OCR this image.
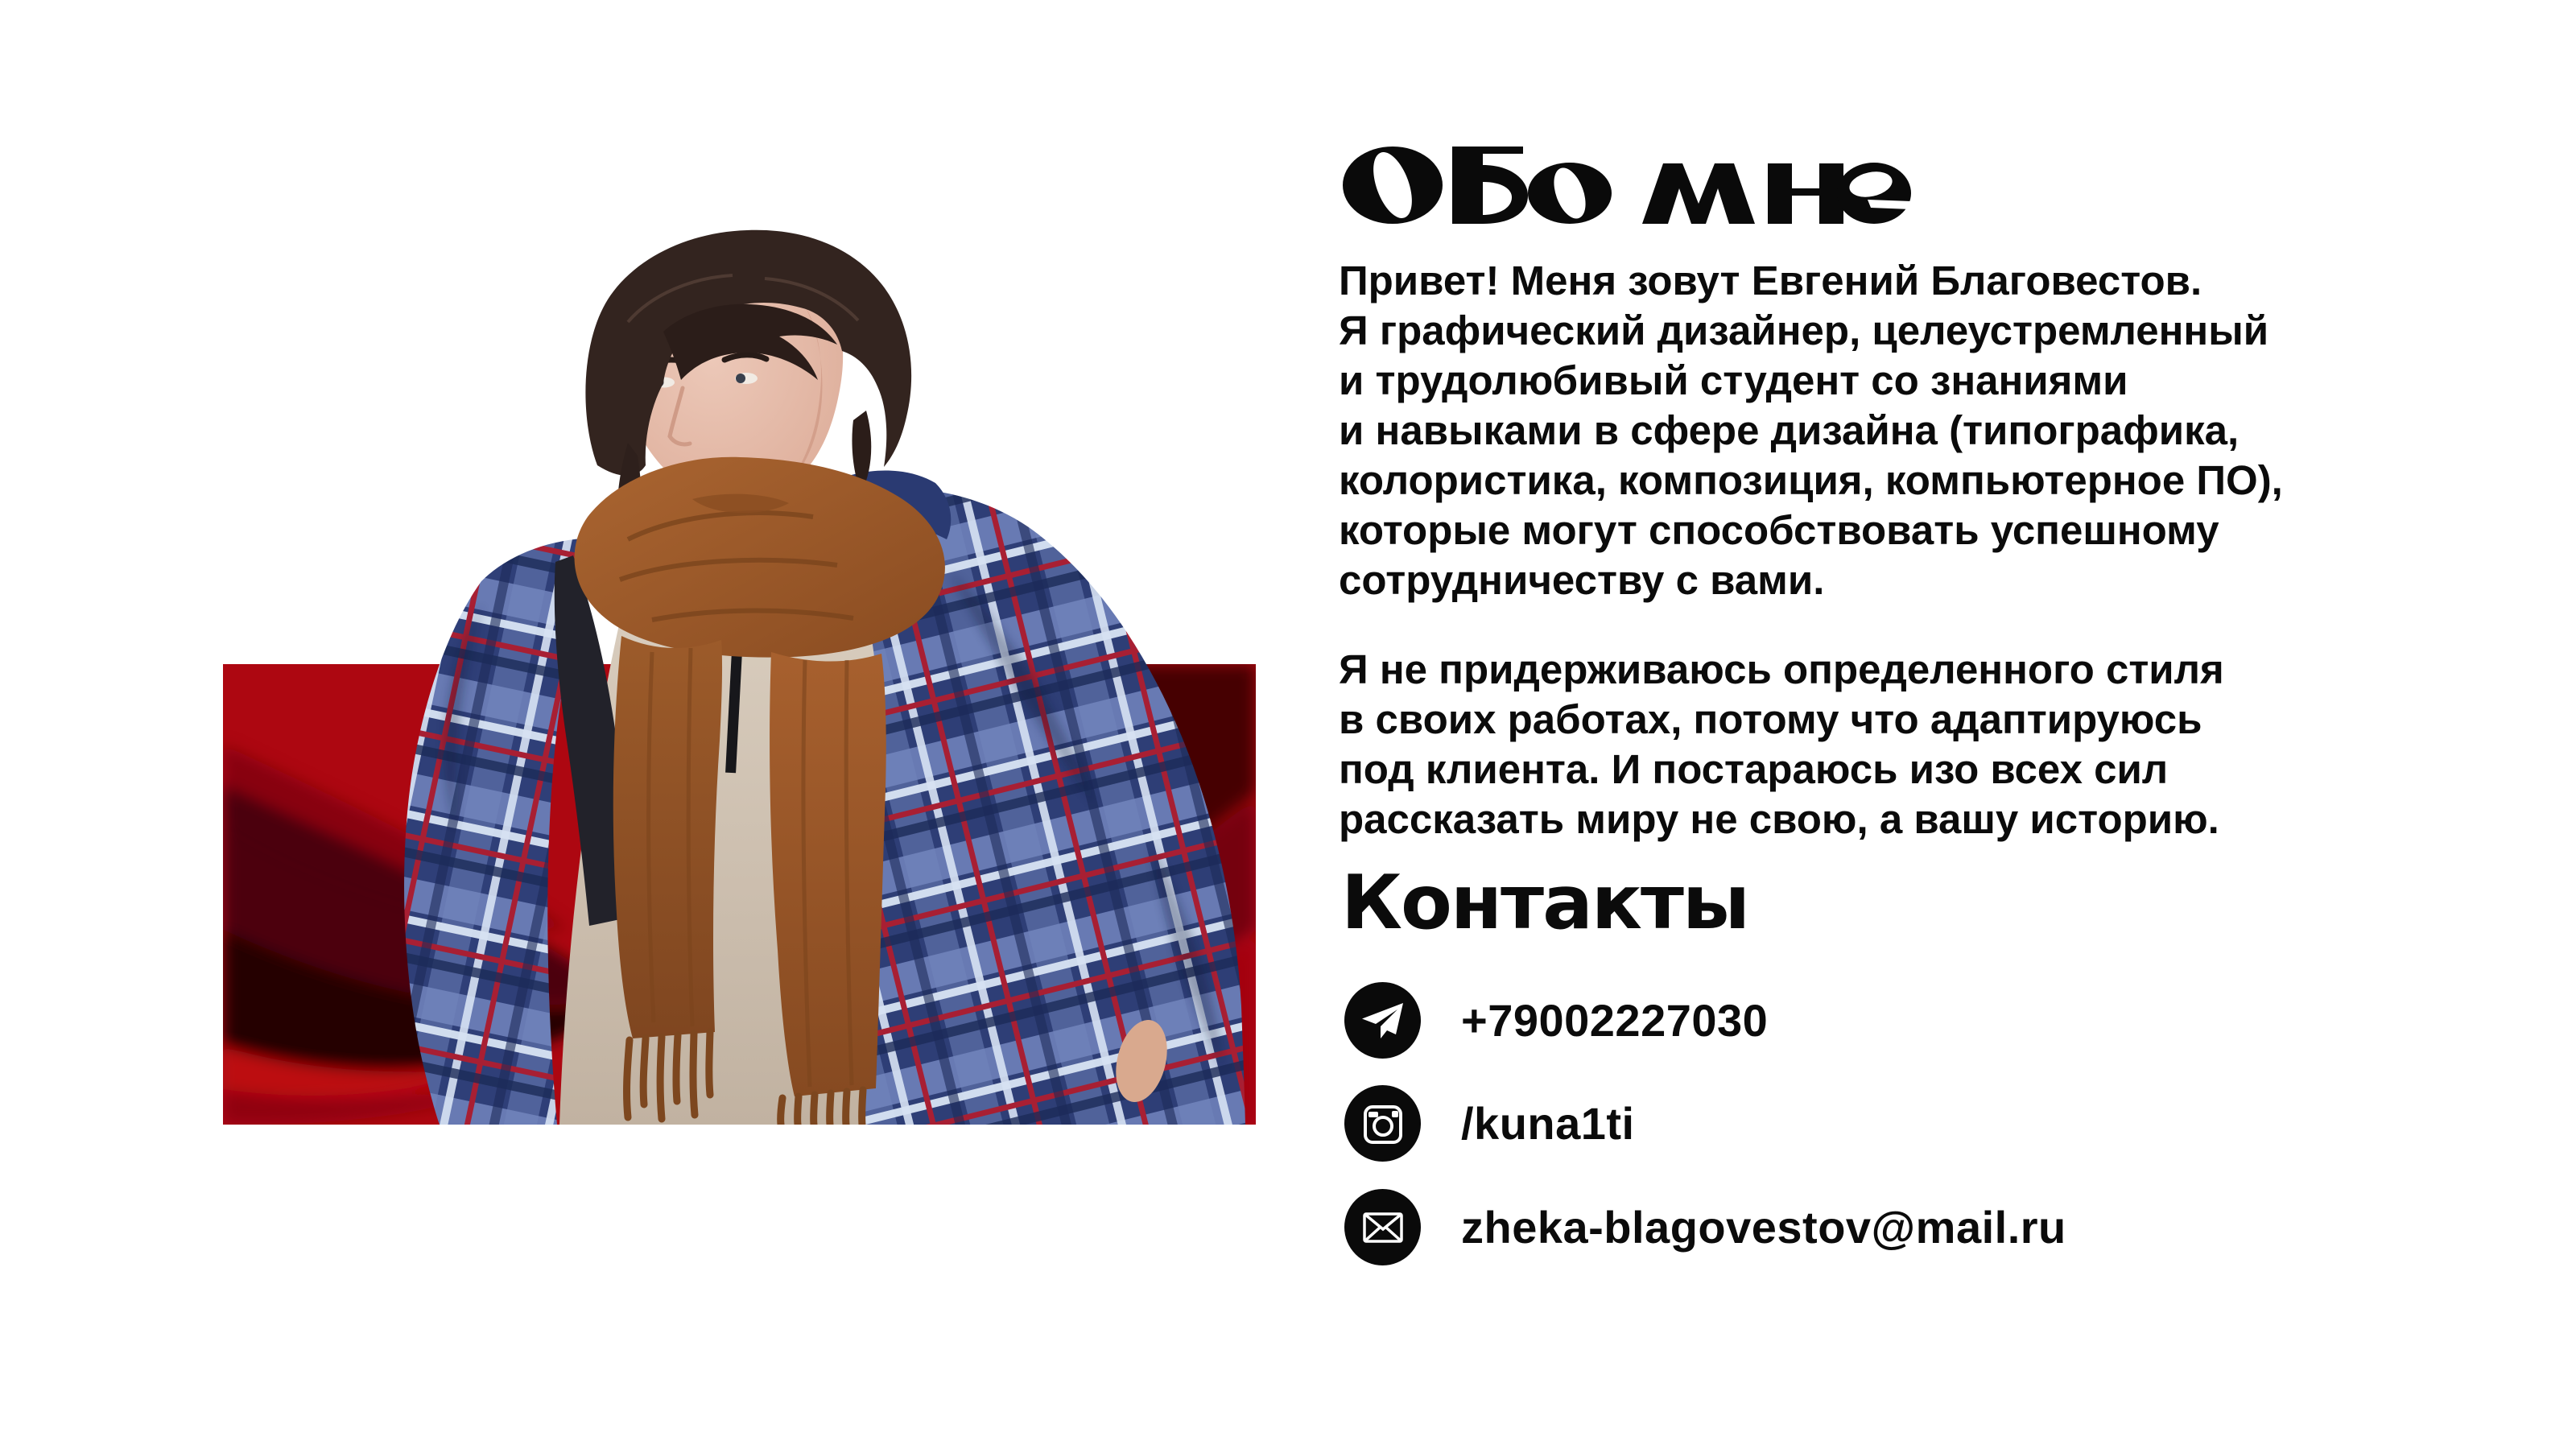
Привет! Меня зовут Евгений Благовестов.
Я графический дизайнер, целеустремленный
и трудолюбивый студент со знаниями
и навыками в сфере дизайна (типографика,
колористика, композиция, компьютерное ПО),
которые могут способствовать успешному
сотрудничеству с вами.
Я не придерживаюсь определенного стиля
в своих работах, потому что адаптируюсь
под клиента. И постараюсь изо всех сил
рассказать миру не свою, а вашу историю.
Контакты
+79002227030
/kuna1ti
zheka-blagovestov@mail.ru
